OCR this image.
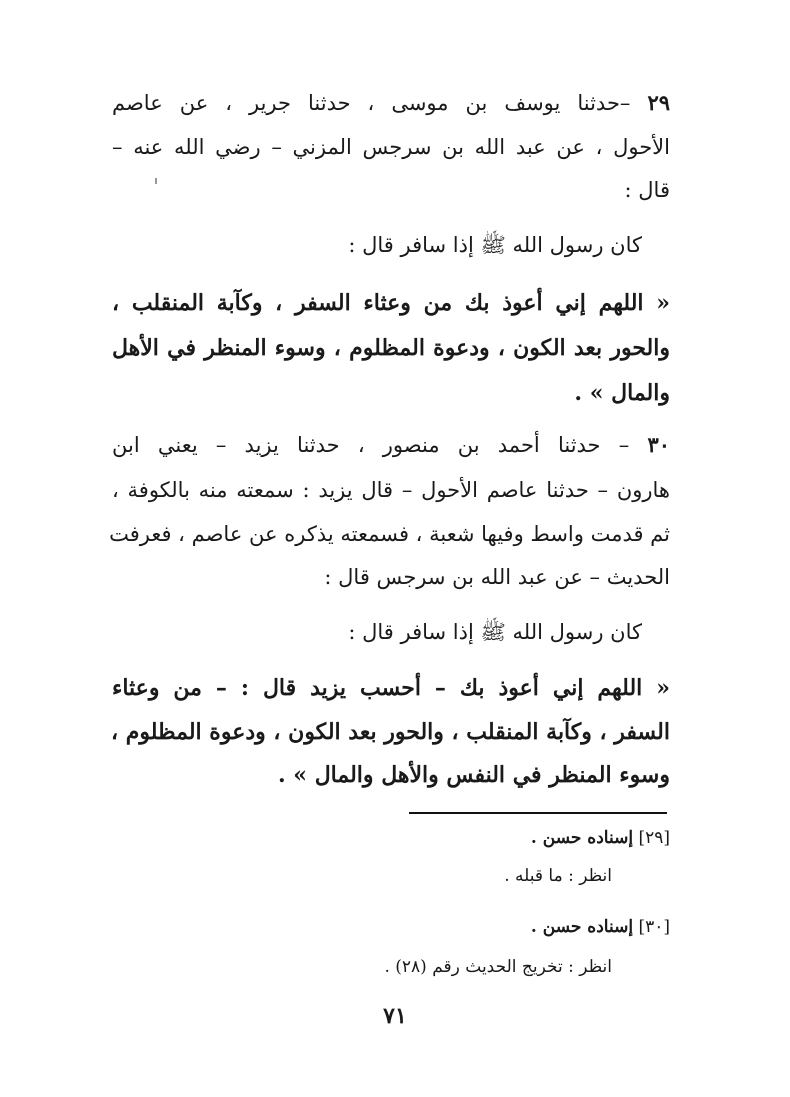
٢٩ –حدثنا يوسف بن موسى ، حدثنا جرير ، عن عاصم
الأحول ، عن عبد الله بن سرجس المزني – رضي الله عنه –
قال :
كان رسول الله ﷺ إذا سافر قال :
« اللهم إني أعوذ بك من وعثاء السفر ، وكآبة المنقلب ،
والحور بعد الكون ، ودعوة المظلوم ، وسوء المنظر في الأهل
والمال » .
٣٠ – حدثنا أحمد بن منصور ، حدثنا يزيد – يعني ابن
هارون – حدثنا عاصم الأحول – قال يزيد : سمعته منه بالكوفة ،
ثم قدمت واسط وفيها شعبة ، فسمعته يذكره عن عاصم ، فعرفت
الحديث – عن عبد الله بن سرجس قال :
كان رسول الله ﷺ إذا سافر قال :
« اللهم إني أعوذ بك – أحسب يزيد قال : – من وعثاء
السفر ، وكآبة المنقلب ، والحور بعد الكون ، ودعوة المظلوم ،
وسوء المنظر في النفس والأهل والمال » .
[٢٩] إسناده حسن .
انظر : ما قبله .
[٣٠] إسناده حسن .
انظر : تخريج الحديث رقم (٢٨) .
٧١
